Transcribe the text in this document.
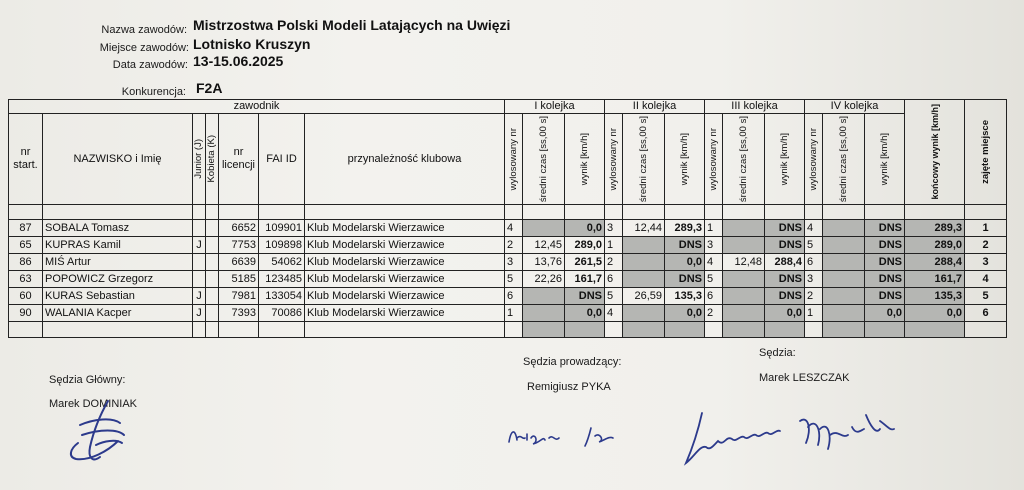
Nazwa zawodów: Mistrzostwa Polski Modeli Latających na Uwięzi
Miejsce zawodów: Lotnisko Kruszyn
Data zawodów: 13-15.06.2025
Konkurencja: F2A
zawodnik							I kolejka			II kolejka			III kolejka			IV kolejka			końcowy wynik [km/h]	zajęte miejsce

nr start.	NAZWISKO i Imię	Junior (J)	Kobieta (K)	nr licencji	FAI ID	przynależność klubowa	wylosowany nr	średni czas [ss,00 s]	wynik [km/h]	wylosowany nr	średni czas [ss,00 s]	wynik [km/h]	wylosowany nr	średni czas [ss,00 s]	wynik [km/h]	wylosowany nr	średni czas [ss,00 s]	wynik [km/h]		

87	SOBALA Tomasz			6652	109901	Klub Modelarski Wierzawice	4		0,0	3	12,44	289,3	1		DNS	4		DNS	289,3	1
65	KUPRAS Kamil	J		7753	109898	Klub Modelarski Wierzawice	2	12,45	289,0	1		DNS	3		DNS	5		DNS	289,0	2
86	MIŚ Artur			6639	54062	Klub Modelarski Wierzawice	3	13,76	261,5	2		0,0	4	12,48	288,4	6		DNS	288,4	3
63	POPOWICZ Grzegorz			5185	123485	Klub Modelarski Wierzawice	5	22,26	161,7	6		DNS	5		DNS	3		DNS	161,7	4
60	KURAS Sebastian	J		7981	133054	Klub Modelarski Wierzawice	6		DNS	5	26,59	135,3	6		DNS	2		DNS	135,3	5
90	WALANIA Kacper	J		7393	70086	Klub Modelarski Wierzawice	1		0,0	4		0,0	2		0,0	1		0,0	0,0	6

Sędzia Główny:
Marek DOMINIAK
Sędzia prowadzący:
Remigiusz PYKA
Sędzia:
Marek LESZCZAK
